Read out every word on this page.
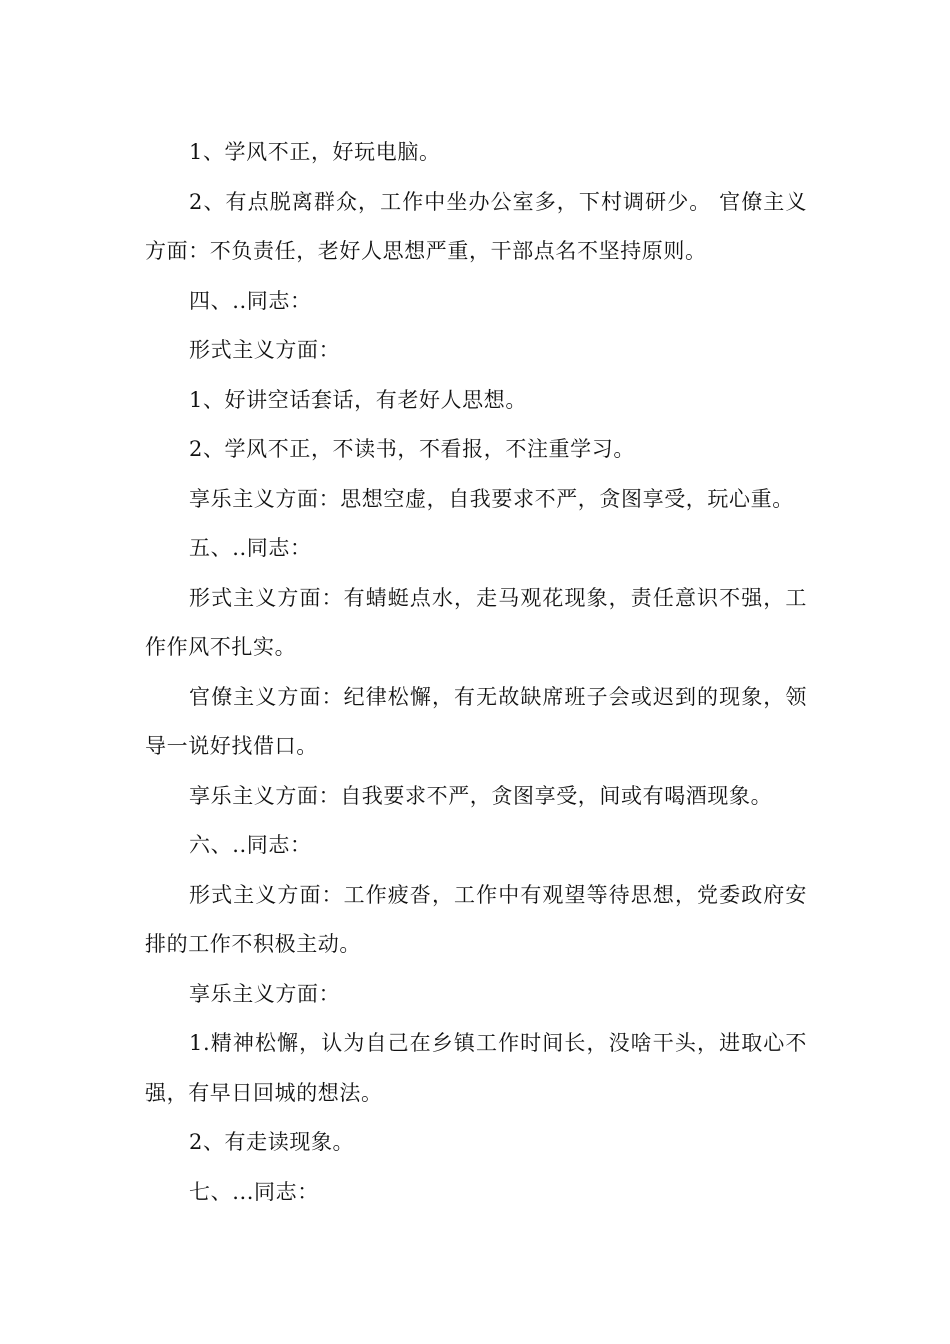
1、学风不正，好玩电脑。

2、有点脱离群众，工作中坐办公室多，下村调研少。 官僚主义方面：不负责任，老好人思想严重，干部点名不坚持原则。

四、..同志：

形式主义方面：

1、好讲空话套话，有老好人思想。

2、学风不正，不读书，不看报，不注重学习。

享乐主义方面：思想空虚，自我要求不严，贪图享受，玩心重。

五、..同志：

形式主义方面：有蜻蜓点水，走马观花现象，责任意识不强，工作作风不扎实。

官僚主义方面：纪律松懈，有无故缺席班子会或迟到的现象，领导一说好找借口。

享乐主义方面：自我要求不严，贪图享受，间或有喝酒现象。

六、..同志：

形式主义方面：工作疲沓，工作中有观望等待思想，党委政府安排的工作不积极主动。

享乐主义方面：

1.精神松懈，认为自己在乡镇工作时间长，没啥干头，进取心不强，有早日回城的想法。

2、有走读现象。

七、...同志：
